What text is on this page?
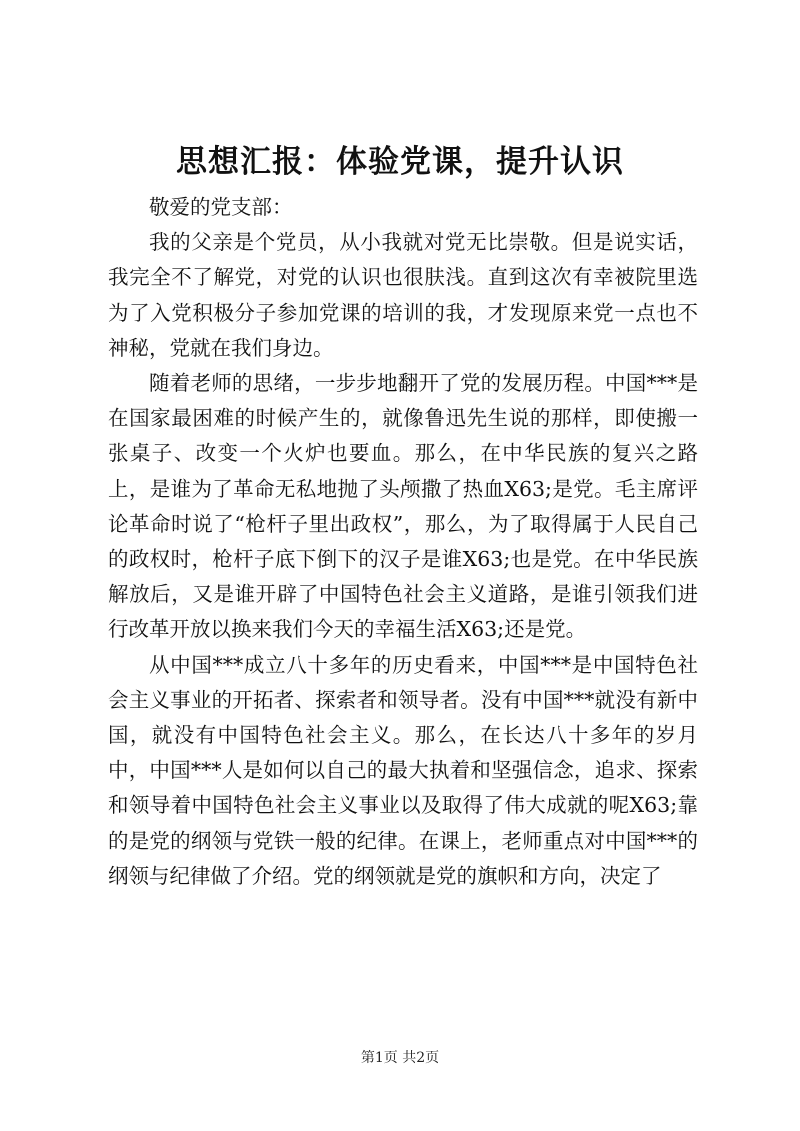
思想汇报：体验党课，提升认识

敬爱的党支部：

我的父亲是个党员，从小我就对党无比崇敬。但是说实话，我完全不了解党，对党的认识也很肤浅。直到这次有幸被院里选为了入党积极分子参加党课的培训的我，才发现原来党一点也不神秘，党就在我们身边。

随着老师的思绪，一步步地翻开了党的发展历程。中国***是在国家最困难的时候产生的，就像鲁迅先生说的那样，即使搬一张桌子、改变一个火炉也要血。那么，在中华民族的复兴之路上，是谁为了革命无私地抛了头颅撒了热血X63;是党。毛主席评论革命时说了“枪杆子里出政权”，那么，为了取得属于人民自己的政权时，枪杆子底下倒下的汉子是谁X63;也是党。在中华民族解放后，又是谁开辟了中国特色社会主义道路，是谁引领我们进行改革开放以换来我们今天的幸福生活X63;还是党。

从中国***成立八十多年的历史看来，中国***是中国特色社会主义事业的开拓者、探索者和领导者。没有中国***就没有新中国，就没有中国特色社会主义。那么，在长达八十多年的岁月中，中国***人是如何以自己的最大执着和坚强信念，追求、探索和领导着中国特色社会主义事业以及取得了伟大成就的呢X63;靠的是党的纲领与党铁一般的纪律。在课上，老师重点对中国***的纲领与纪律做了介绍。党的纲领就是党的旗帜和方向，决定了

第1页 共2页
